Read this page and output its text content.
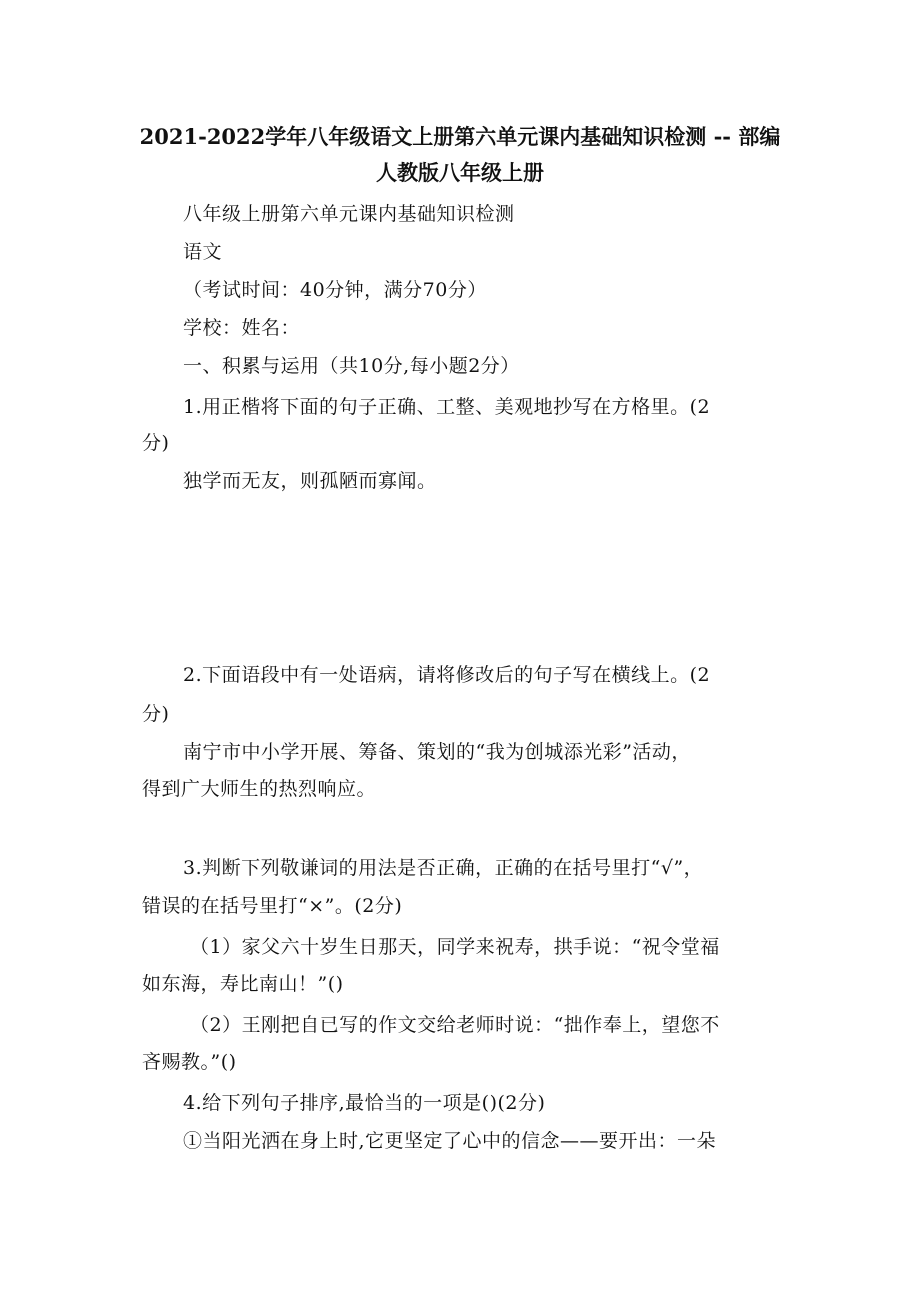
2021-2022学年八年级语文上册第六单元课内基础知识检测 -- 部编
人教版八年级上册
八年级上册第六单元课内基础知识检测
语文
（考试时间：40分钟，满分70分）
学校：姓名：
一、积累与运用（共10分,每小题2分）
1.用正楷将下面的句子正确、工整、美观地抄写在方格里。(2
分)
独学而无友，则孤陋而寡闻。
2.下面语段中有一处语病，请将修改后的句子写在横线上。(2
分)
南宁市中小学开展、筹备、策划的“我为创城添光彩”活动，
得到广大师生的热烈响应。
3.判断下列敬谦词的用法是否正确，正确的在括号里打“√”，
错误的在括号里打“×”。(2分)
（1）家父六十岁生日那天，同学来祝寿，拱手说：“祝令堂福
如东海，寿比南山！”()
（2）王刚把自已写的作文交给老师时说：“拙作奉上，望您不
吝赐教。”()
4.给下列句子排序,最恰当的一项是()(2分)
①当阳光洒在身上时,它更坚定了心中的信念——要开出：一朵
